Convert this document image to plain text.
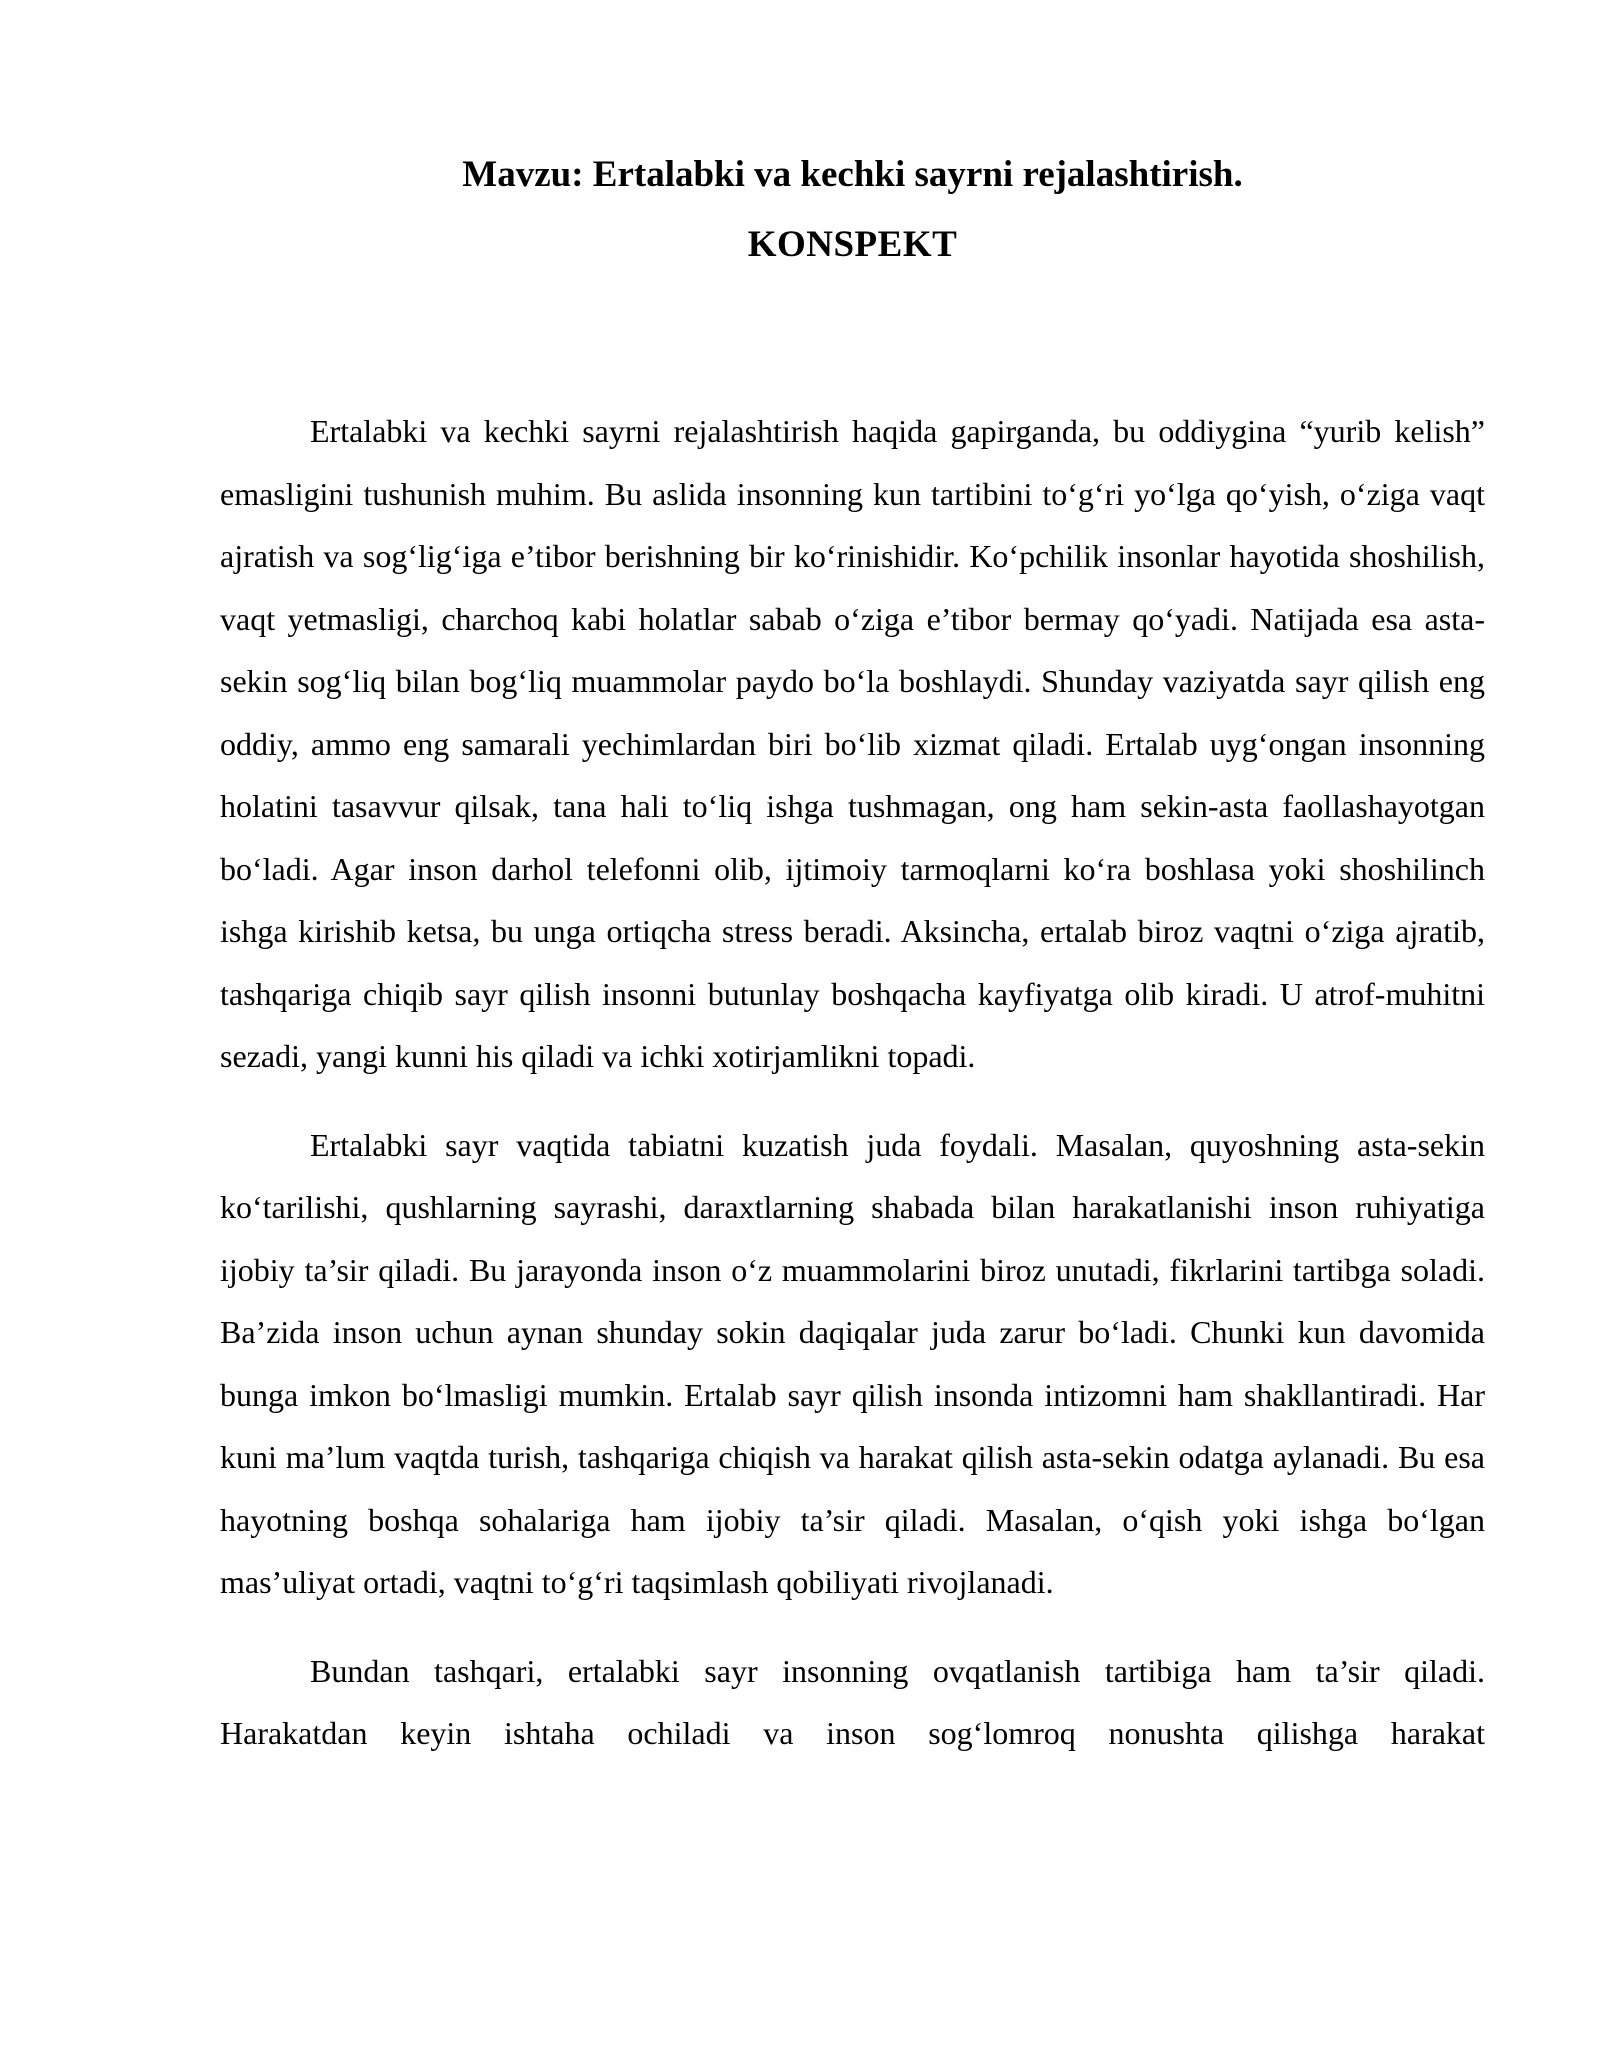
Mavzu: Ertalabki va kechki sayrni rejalashtirish.
KONSPEKT

Ertalabki va kechki sayrni rejalashtirish haqida gapirganda, bu oddiygina “yurib kelish” emasligini tushunish muhim. Bu aslida insonning kun tartibini toʻgʻri yoʻlga qoʻyish, oʻziga vaqt ajratish va sogʻligʻiga e’tibor berishning bir koʻrinishidir. Koʻpchilik insonlar hayotida shoshilish, vaqt yetmasligi, charchoq kabi holatlar sabab oʻziga e’tibor bermay qoʻyadi. Natijada esa asta-sekin sogʻliq bilan bogʻliq muammolar paydo boʻla boshlaydi. Shunday vaziyatda sayr qilish eng oddiy, ammo eng samarali yechimlardan biri boʻlib xizmat qiladi. Ertalab uygʻongan insonning holatini tasavvur qilsak, tana hali toʻliq ishga tushmagan, ong ham sekin-asta faollashayotgan boʻladi. Agar inson darhol telefonni olib, ijtimoiy tarmoqlarni koʻra boshlasa yoki shoshilinch ishga kirishib ketsa, bu unga ortiqcha stress beradi. Aksincha, ertalab biroz vaqtni oʻziga ajratib, tashqariga chiqib sayr qilish insonni butunlay boshqacha kayfiyatga olib kiradi. U atrof-muhitni sezadi, yangi kunni his qiladi va ichki xotirjamlikni topadi.

Ertalabki sayr vaqtida tabiatni kuzatish juda foydali. Masalan, quyoshning asta-sekin koʻtarilishi, qushlarning sayrashi, daraxtlarning shabada bilan harakatlanishi inson ruhiyatiga ijobiy ta’sir qiladi. Bu jarayonda inson oʻz muammolarini biroz unutadi, fikrlarini tartibga soladi. Ba’zida inson uchun aynan shunday sokin daqiqalar juda zarur boʻladi. Chunki kun davomida bunga imkon boʻlmasligi mumkin. Ertalab sayr qilish insonda intizomni ham shakllantiradi. Har kuni ma’lum vaqtda turish, tashqariga chiqish va harakat qilish asta-sekin odatga aylanadi. Bu esa hayotning boshqa sohalariga ham ijobiy ta’sir qiladi. Masalan, oʻqish yoki ishga boʻlgan mas’uliyat ortadi, vaqtni toʻgʻri taqsimlash qobiliyati rivojlanadi.

Bundan tashqari, ertalabki sayr insonning ovqatlanish tartibiga ham ta’sir qiladi. Harakatdan keyin ishtaha ochiladi va inson sogʻlomroq nonushta qilishga harakat
